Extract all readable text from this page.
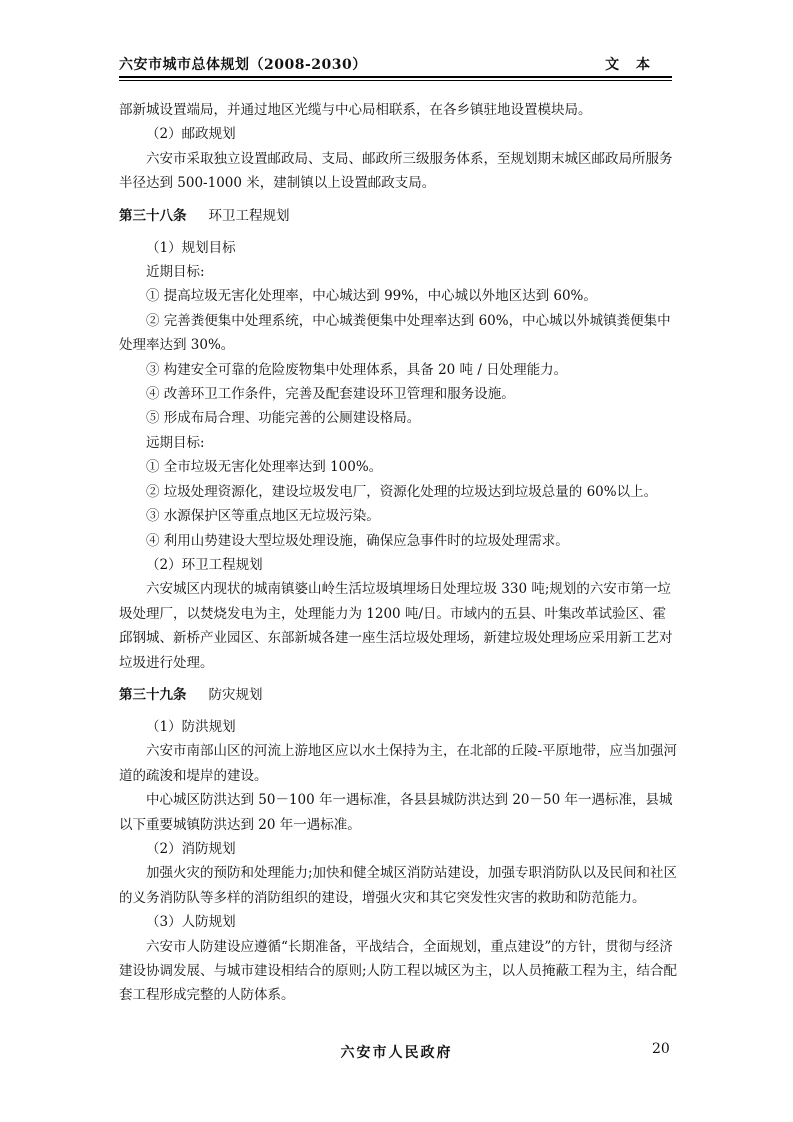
六安市城市总体规划（2008-2030）	文 本

部新城设置端局，并通过地区光缆与中心局相联系，在各乡镇驻地设置模块局。

（2）邮政规划

六安市采取独立设置邮政局、支局、邮政所三级服务体系，至规划期末城区邮政局所服务半径达到 500-1000 米，建制镇以上设置邮政支局。

第三十八条 环卫工程规划

（1）规划目标

近期目标:

① 提高垃圾无害化处理率，中心城达到 99%，中心城以外地区达到 60%。

② 完善粪便集中处理系统，中心城粪便集中处理率达到 60%，中心城以外城镇粪便集中处理率达到 30%。

③ 构建安全可靠的危险废物集中处理体系，具备 20 吨 / 日处理能力。

④ 改善环卫工作条件，完善及配套建设环卫管理和服务设施。

⑤ 形成布局合理、功能完善的公厕建设格局。

远期目标:

① 全市垃圾无害化处理率达到 100%。

② 垃圾处理资源化，建设垃圾发电厂，资源化处理的垃圾达到垃圾总量的 60%以上。

③ 水源保护区等重点地区无垃圾污染。

④ 利用山势建设大型垃圾处理设施，确保应急事件时的垃圾处理需求。

（2）环卫工程规划

六安城区内现状的城南镇婆山岭生活垃圾填埋场日处理垃圾 330 吨;规划的六安市第一垃圾处理厂，以焚烧发电为主，处理能力为 1200 吨/日。市域内的五县、叶集改革试验区、霍邱钢城、新桥产业园区、东部新城各建一座生活垃圾处理场，新建垃圾处理场应采用新工艺对垃圾进行处理。

第三十九条 防灾规划

（1）防洪规划

六安市南部山区的河流上游地区应以水土保持为主，在北部的丘陵-平原地带，应当加强河道的疏浚和堤岸的建设。

中心城区防洪达到 50－100 年一遇标准，各县县城防洪达到 20－50 年一遇标准，县城以下重要城镇防洪达到 20 年一遇标准。

（2）消防规划

加强火灾的预防和处理能力;加快和健全城区消防站建设，加强专职消防队以及民间和社区的义务消防队等多样的消防组织的建设，增强火灾和其它突发性灾害的救助和防范能力。

（3）人防规划

六安市人防建设应遵循“长期准备，平战结合，全面规划，重点建设”的方针，贯彻与经济建设协调发展、与城市建设相结合的原则;人防工程以城区为主，以人员掩蔽工程为主，结合配套工程形成完整的人防体系。

六安市人民政府	20
